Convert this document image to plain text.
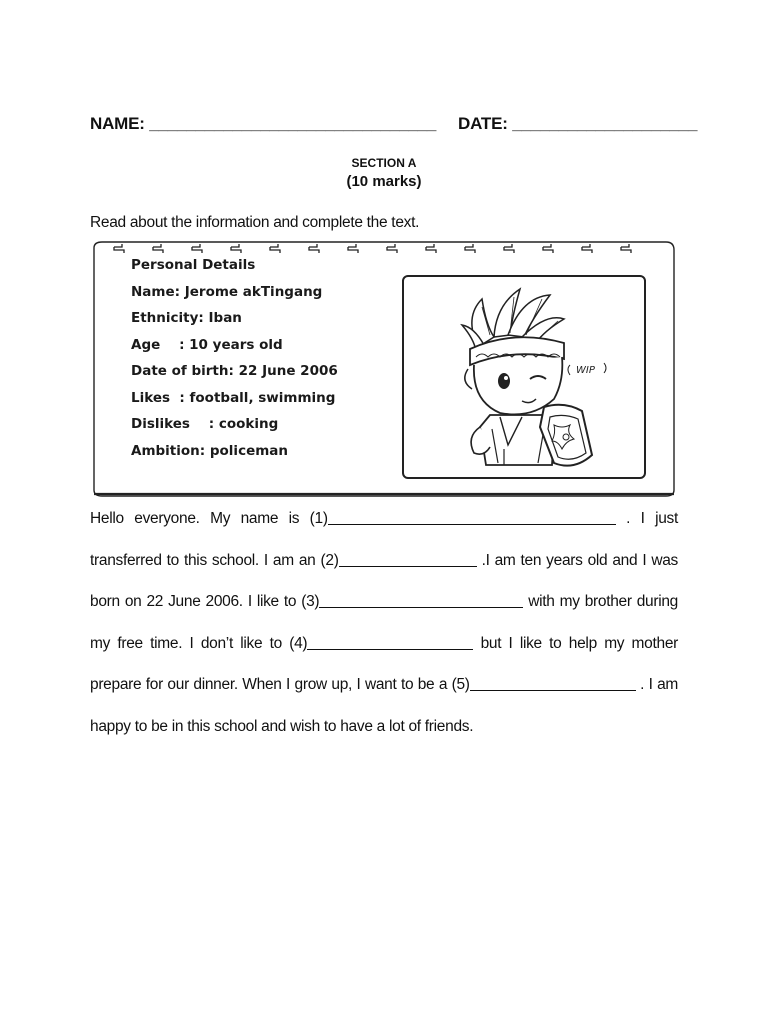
NAME: _______________________________ DATE: ____________________
SECTION A
(10 marks)
Read about the information and complete the text.
Personal Details
Name: Jerome akTingang
Ethnicity: Iban
Age    : 10 years old
Date of birth: 22 June 2006
Likes  : football, swimming
Dislikes    : cooking
Ambition: policeman
WIP
Hello everyone. My name is (1)	. I just transferred to this school. I am an (2)	.I am ten years old and I was born on 22 June 2006. I like to (3)	with my brother during my free time. I don’t like to (4)	but I like to help my mother prepare for our dinner. When I grow up, I want to be a (5)	. I am happy to be in this school and wish to have a lot of friends.
